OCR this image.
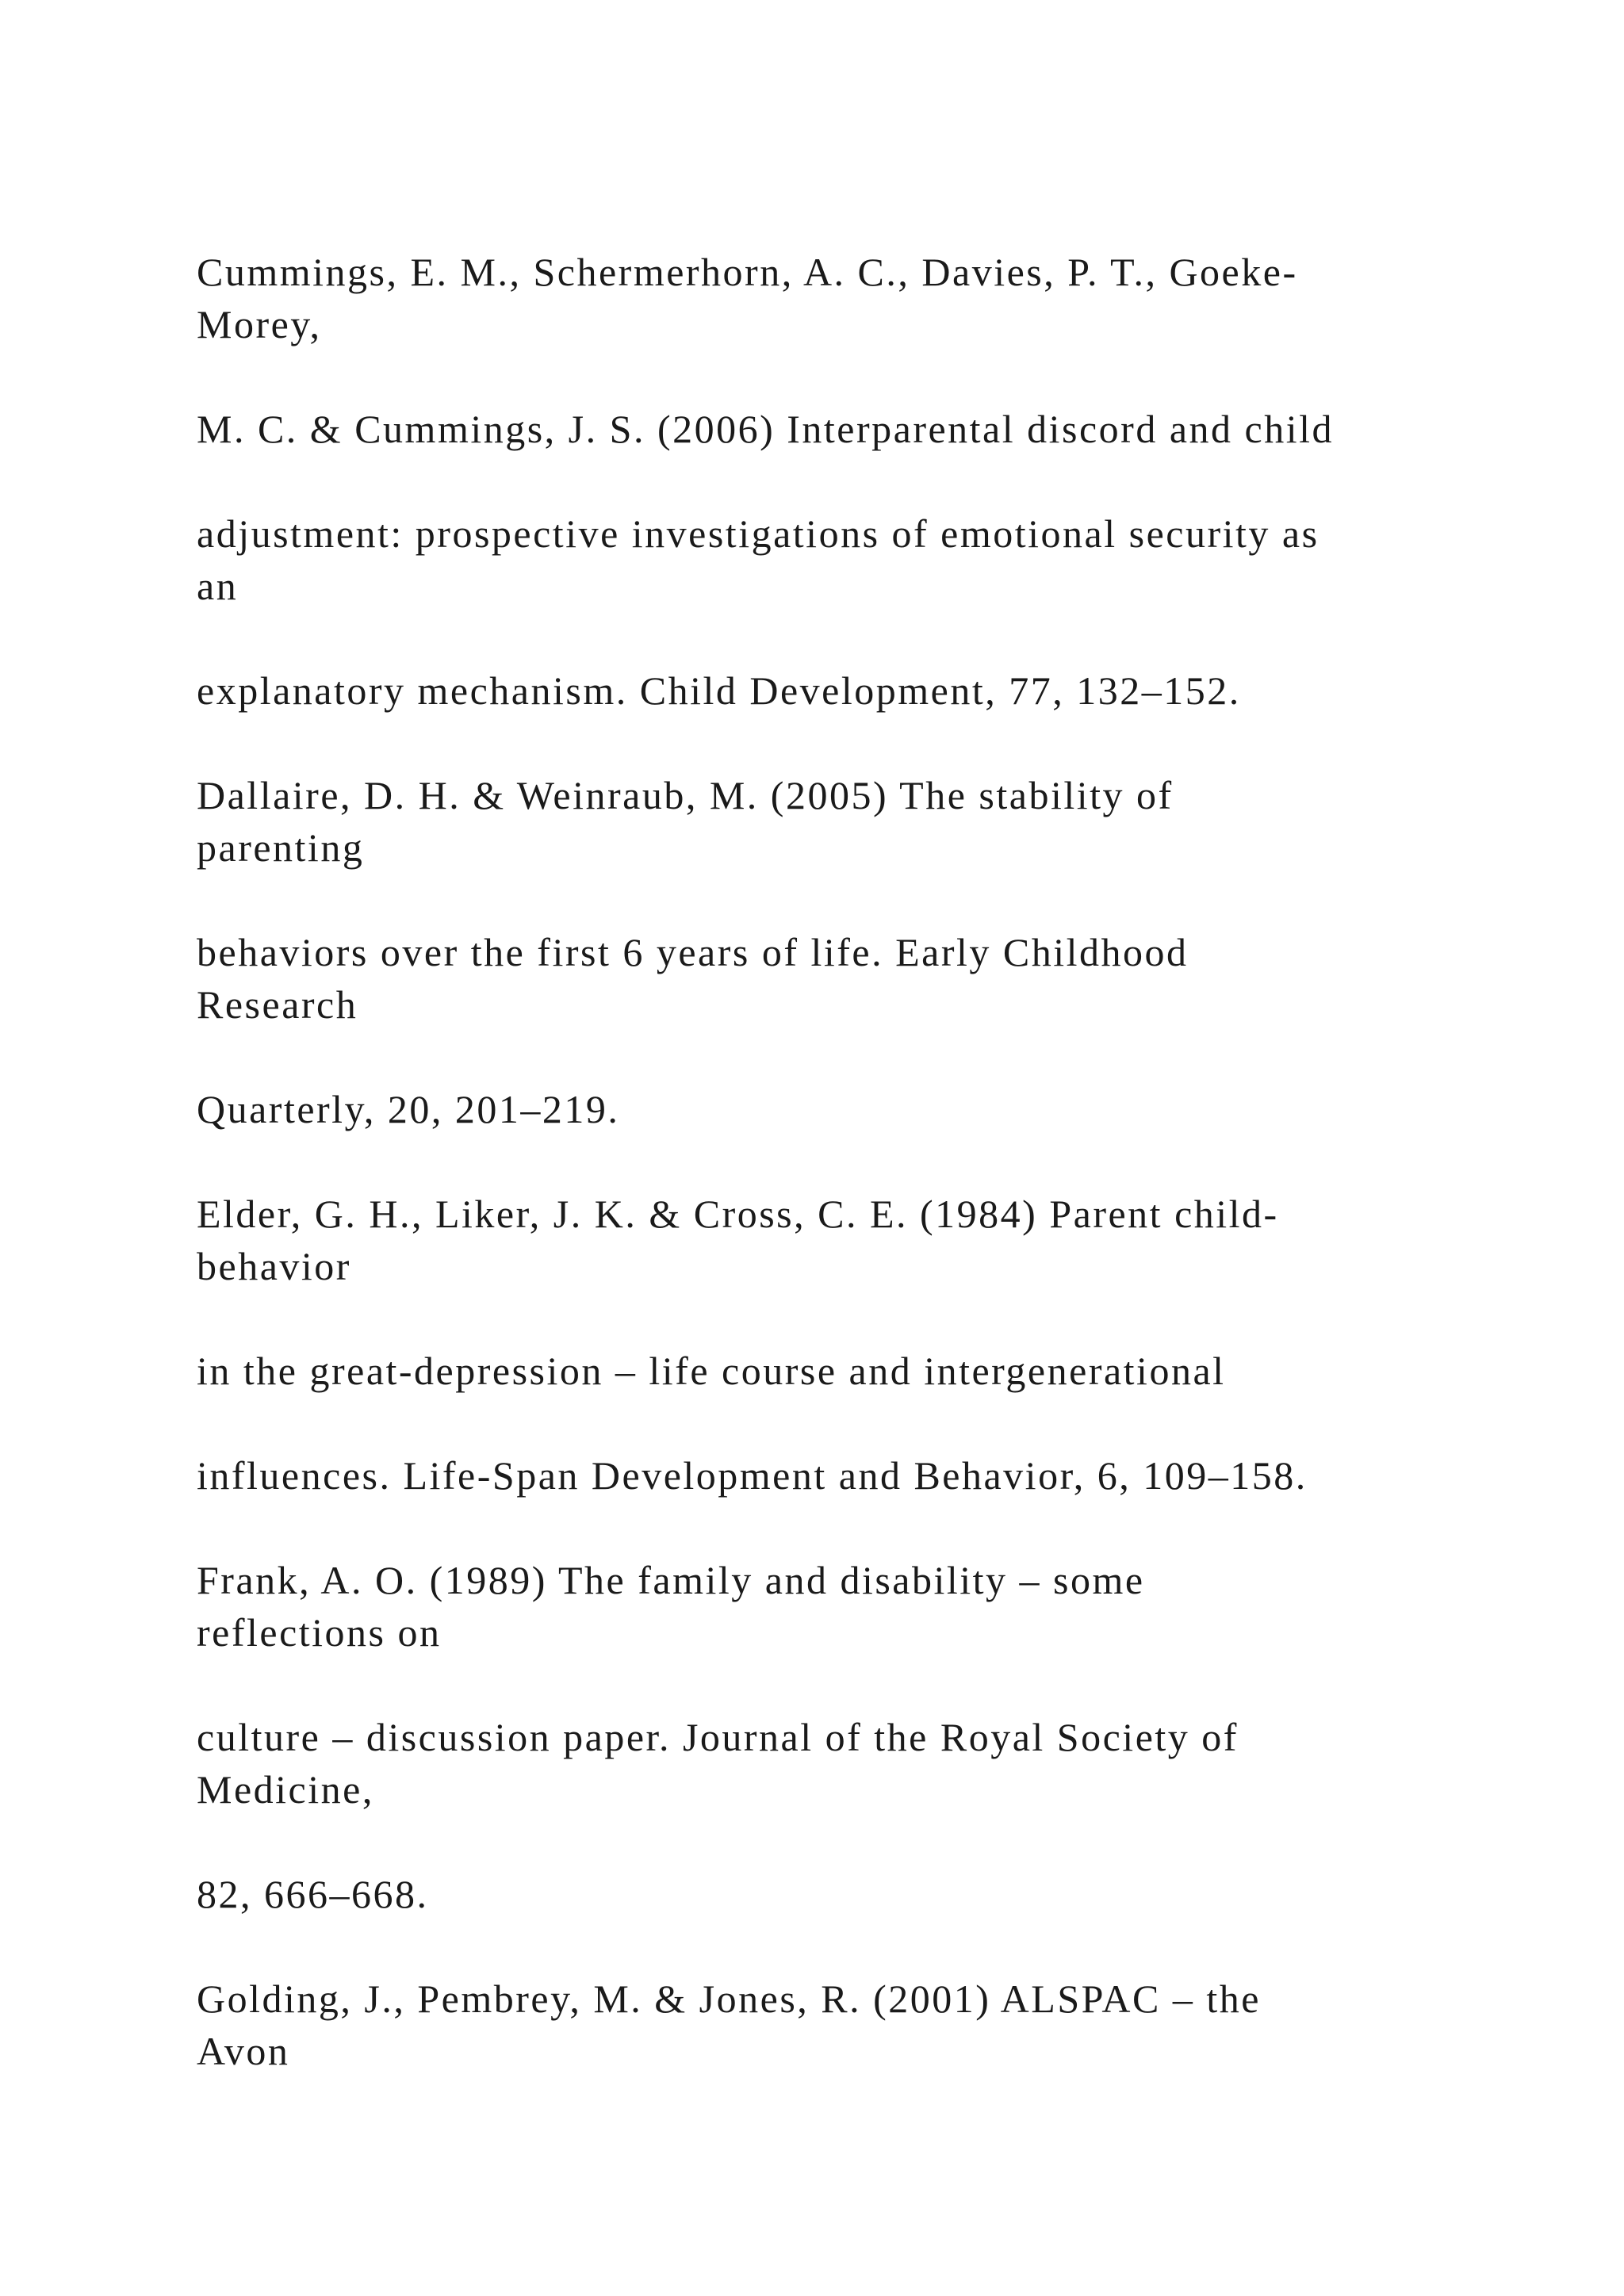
Cummings, E. M., Schermerhorn, A. C., Davies, P. T., Goeke-
Morey,
M. C. & Cummings, J. S. (2006) Interparental discord and child
adjustment: prospective investigations of emotional security as
an
explanatory mechanism. Child Development, 77, 132–152.
Dallaire, D. H. & Weinraub, M. (2005) The stability of
parenting
behaviors over the first 6 years of life. Early Childhood
Research
Quarterly, 20, 201–219.
Elder, G. H., Liker, J. K. & Cross, C. E. (1984) Parent child-
behavior
in the great-depression – life course and intergenerational
influences. Life-Span Development and Behavior, 6, 109–158.
Frank, A. O. (1989) The family and disability – some
reflections on
culture – discussion paper. Journal of the Royal Society of
Medicine,
82, 666–668.
Golding, J., Pembrey, M. & Jones, R. (2001) ALSPAC – the
Avon
